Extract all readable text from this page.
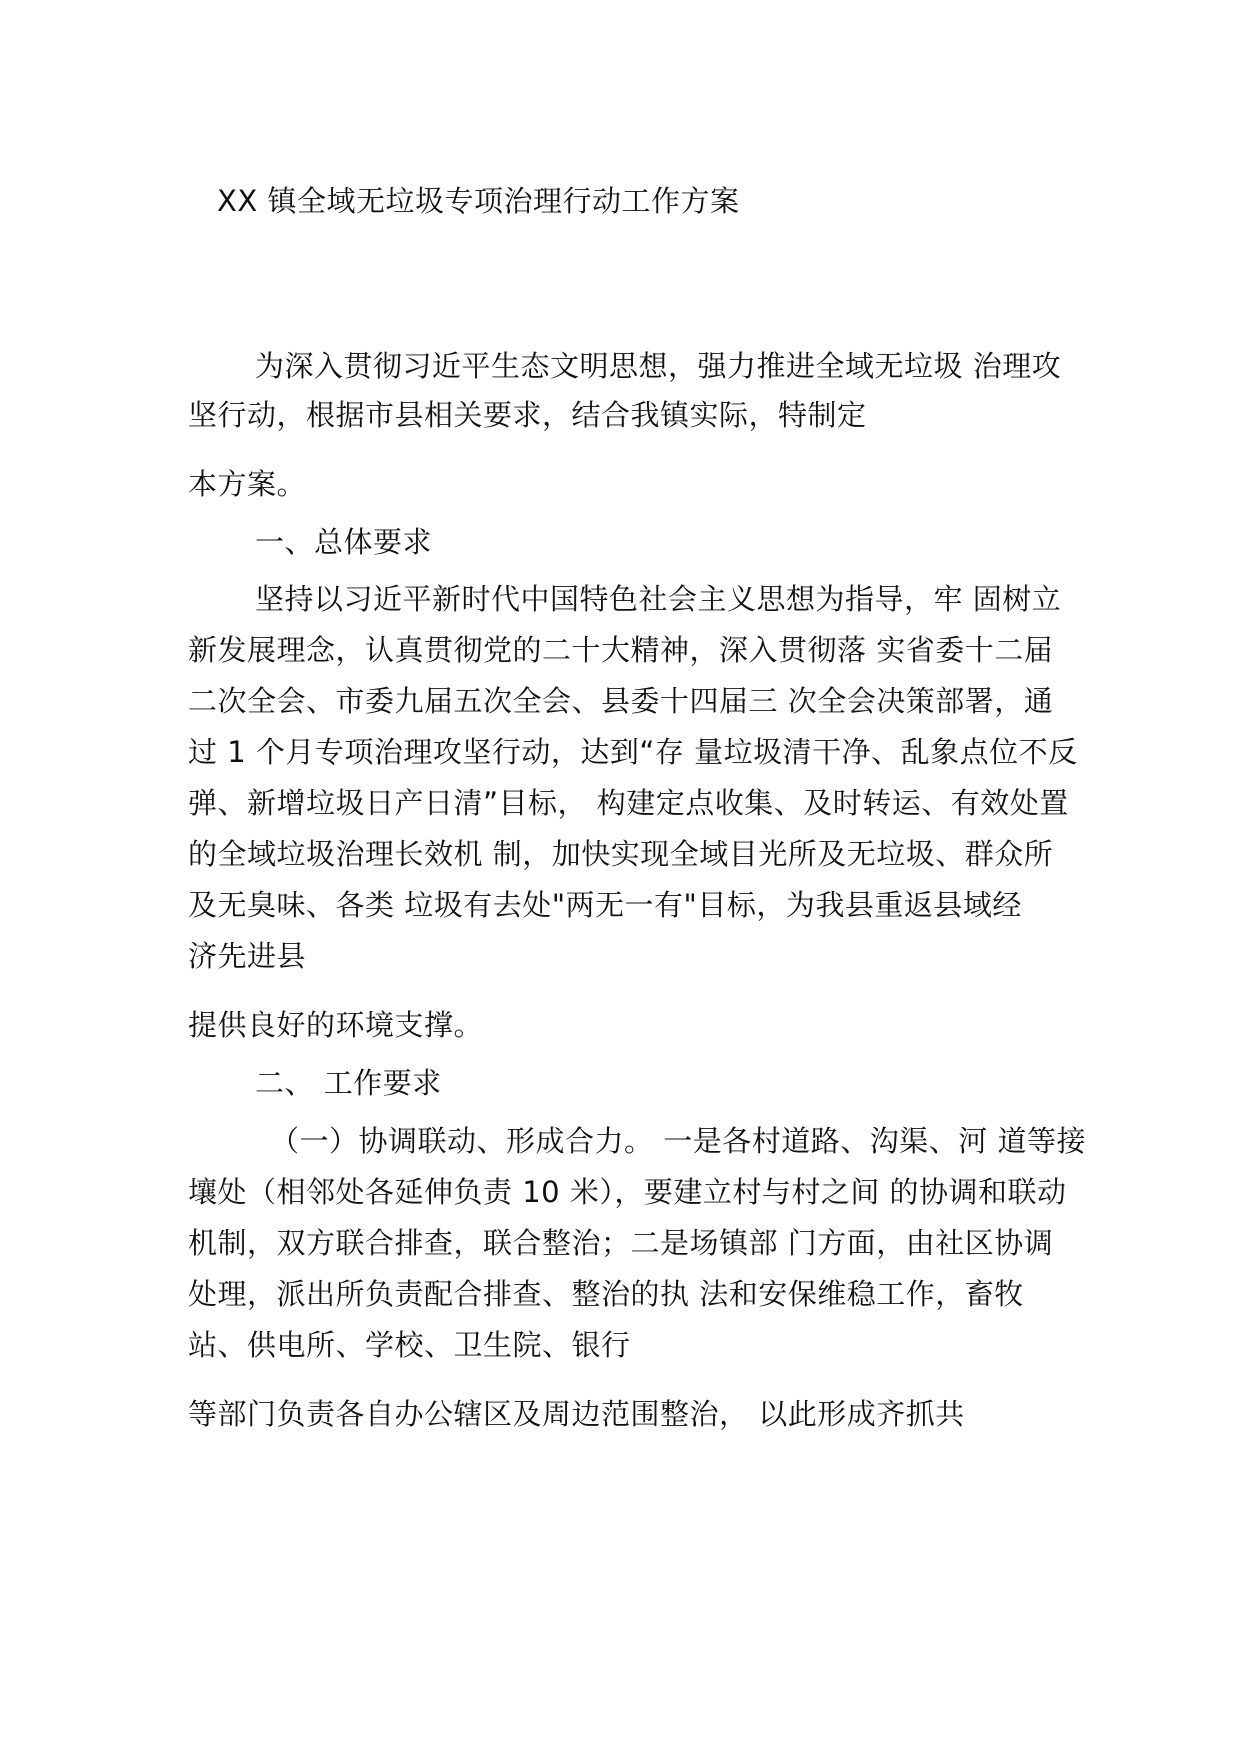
XX 镇全域无垃圾专项治理行动工作方案
为深入贯彻习近平生态文明思想，强力推进全域无垃圾 治理攻
坚行动，根据市县相关要求，结合我镇实际，特制定
本方案。
一、总体要求
坚持以习近平新时代中国特色社会主义思想为指导，牢 固树立
新发展理念，认真贯彻党的二十大精神，深入贯彻落 实省委十二届
二次全会、市委九届五次全会、县委十四届三 次全会决策部署，通
过 1 个月专项治理攻坚行动，达到“存 量垃圾清干净、乱象点位不反
弹、新增垃圾日产日清”目标， 构建定点收集、及时转运、有效处置
的全域垃圾治理长效机 制，加快实现全域目光所及无垃圾、群众所
及无臭味、各类 垃圾有去处"两无一有"目标，为我县重返县域经
济先进县
提供良好的环境支撑。
二、 工作要求
（一）协调联动、形成合力。 一是各村道路、沟渠、河 道等接
壤处（相邻处各延伸负责 10 米），要建立村与村之间 的协调和联动
机制，双方联合排查，联合整治；二是场镇部 门方面，由社区协调
处理，派出所负责配合排查、整治的执 法和安保维稳工作，畜牧
站、供电所、学校、卫生院、银行
等部门负责各自办公辖区及周边范围整治， 以此形成齐抓共
